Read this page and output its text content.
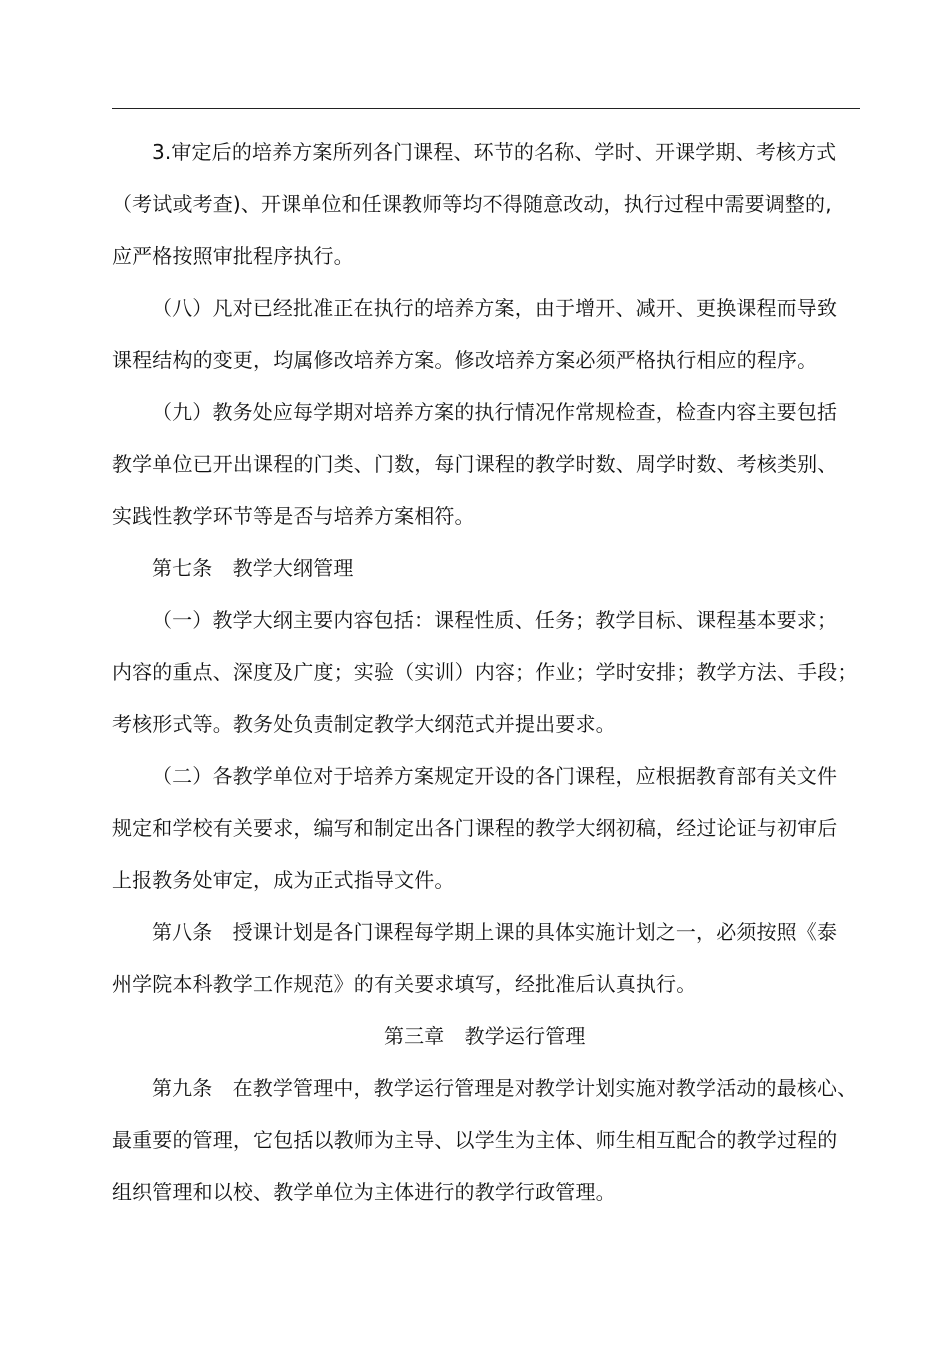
3.审定后的培养方案所列各门课程、环节的名称、学时、开课学期、考核方式
（考试或考查)、开课单位和任课教师等均不得随意改动，执行过程中需要调整的,
应严格按照审批程序执行。
（八）凡对已经批准正在执行的培养方案，由于增开、减开、更换课程而导致
课程结构的变更，均属修改培养方案。修改培养方案必须严格执行相应的程序。
（九）教务处应每学期对培养方案的执行情况作常规检查，检查内容主要包括
教学单位已开出课程的门类、门数，每门课程的教学时数、周学时数、考核类别、
实践性教学环节等是否与培养方案相符。
第七条　教学大纲管理
（一）教学大纲主要内容包括：课程性质、任务；教学目标、课程基本要求；
内容的重点、深度及广度；实验（实训）内容；作业；学时安排；教学方法、手段；
考核形式等。教务处负责制定教学大纲范式并提出要求。
（二）各教学单位对于培养方案规定开设的各门课程，应根据教育部有关文件
规定和学校有关要求，编写和制定出各门课程的教学大纲初稿，经过论证与初审后
上报教务处审定，成为正式指导文件。
第八条　授课计划是各门课程每学期上课的具体实施计划之一，必须按照《泰
州学院本科教学工作规范》的有关要求填写，经批准后认真执行。
第三章　教学运行管理
第九条　在教学管理中，教学运行管理是对教学计划实施对教学活动的最核心、
最重要的管理，它包括以教师为主导、以学生为主体、师生相互配合的教学过程的
组织管理和以校、教学单位为主体进行的教学行政管理。
